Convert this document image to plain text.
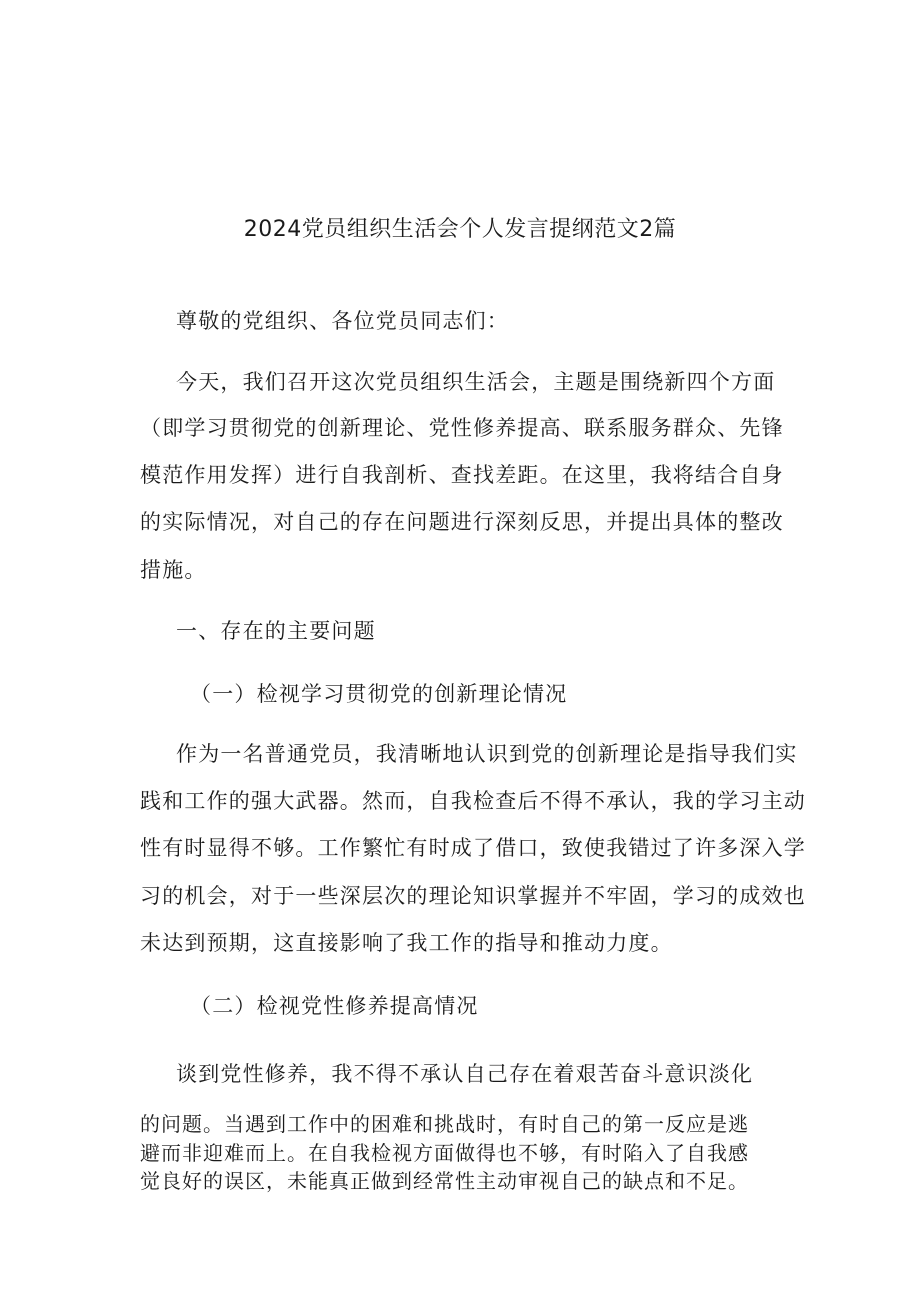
2024党员组织生活会个人发言提纲范文2篇

尊敬的党组织、各位党员同志们：

今天，我们召开这次党员组织生活会，主题是围绕新四个方面

（即学习贯彻党的创新理论、党性修养提高、联系服务群众、先锋

模范作用发挥）进行自我剖析、查找差距。在这里，我将结合自身

的实际情况，对自己的存在问题进行深刻反思，并提出具体的整改

措施。

一、存在的主要问题

（一）检视学习贯彻党的创新理论情况

作为一名普通党员，我清晰地认识到党的创新理论是指导我们实

践和工作的强大武器。然而，自我检查后不得不承认，我的学习主动

性有时显得不够。工作繁忙有时成了借口，致使我错过了许多深入学

习的机会，对于一些深层次的理论知识掌握并不牢固，学习的成效也

未达到预期，这直接影响了我工作的指导和推动力度。

（二）检视党性修养提高情况

谈到党性修养，我不得不承认自己存在着艰苦奋斗意识淡化

的问题。当遇到工作中的困难和挑战时，有时自己的第一反应是逃

避而非迎难而上。在自我检视方面做得也不够，有时陷入了自我感

觉良好的误区，未能真正做到经常性主动审视自己的缺点和不足。
